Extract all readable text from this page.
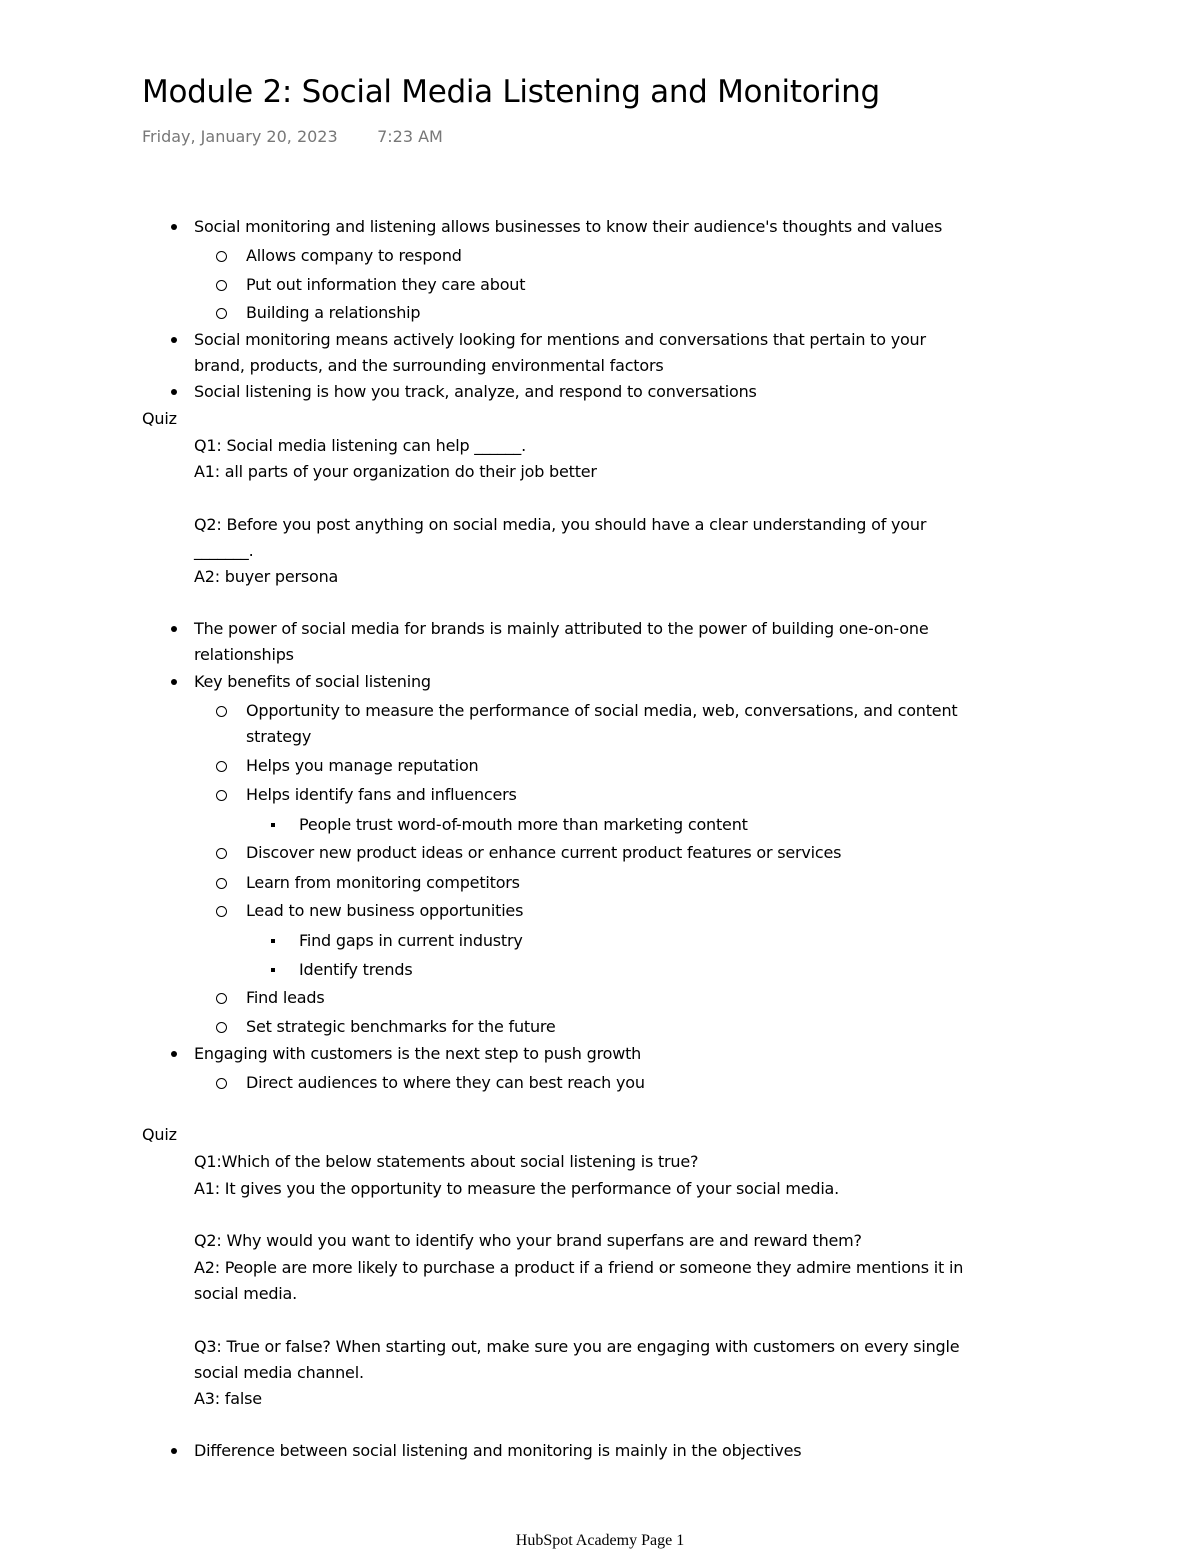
Module 2: Social Media Listening and Monitoring
Friday, January 20, 2023 7:23 AM
Social monitoring and listening allows businesses to know their audience's thoughts and values
Allows company to respond
Put out information they care about
Building a relationship
Social monitoring means actively looking for mentions and conversations that pertain to your
brand, products, and the surrounding environmental factors
Social listening is how you track, analyze, and respond to conversations
Quiz
Q1: Social media listening can help ______.
A1: all parts of your organization do their job better
Q2: Before you post anything on social media, you should have a clear understanding of your
_______.
A2: buyer persona
The power of social media for brands is mainly attributed to the power of building one-on-one
relationships
Key benefits of social listening
Opportunity to measure the performance of social media, web, conversations, and content
strategy
Helps you manage reputation
Helps identify fans and influencers
People trust word-of-mouth more than marketing content
Discover new product ideas or enhance current product features or services
Learn from monitoring competitors
Lead to new business opportunities
Find gaps in current industry
Identify trends
Find leads
Set strategic benchmarks for the future
Engaging with customers is the next step to push growth
Direct audiences to where they can best reach you
Quiz
Q1:Which of the below statements about social listening is true?
A1: It gives you the opportunity to measure the performance of your social media.
Q2: Why would you want to identify who your brand superfans are and reward them?
A2: People are more likely to purchase a product if a friend or someone they admire mentions it in
social media.
Q3: True or false? When starting out, make sure you are engaging with customers on every single
social media channel.
A3: false
Difference between social listening and monitoring is mainly in the objectives
HubSpot Academy Page 1
